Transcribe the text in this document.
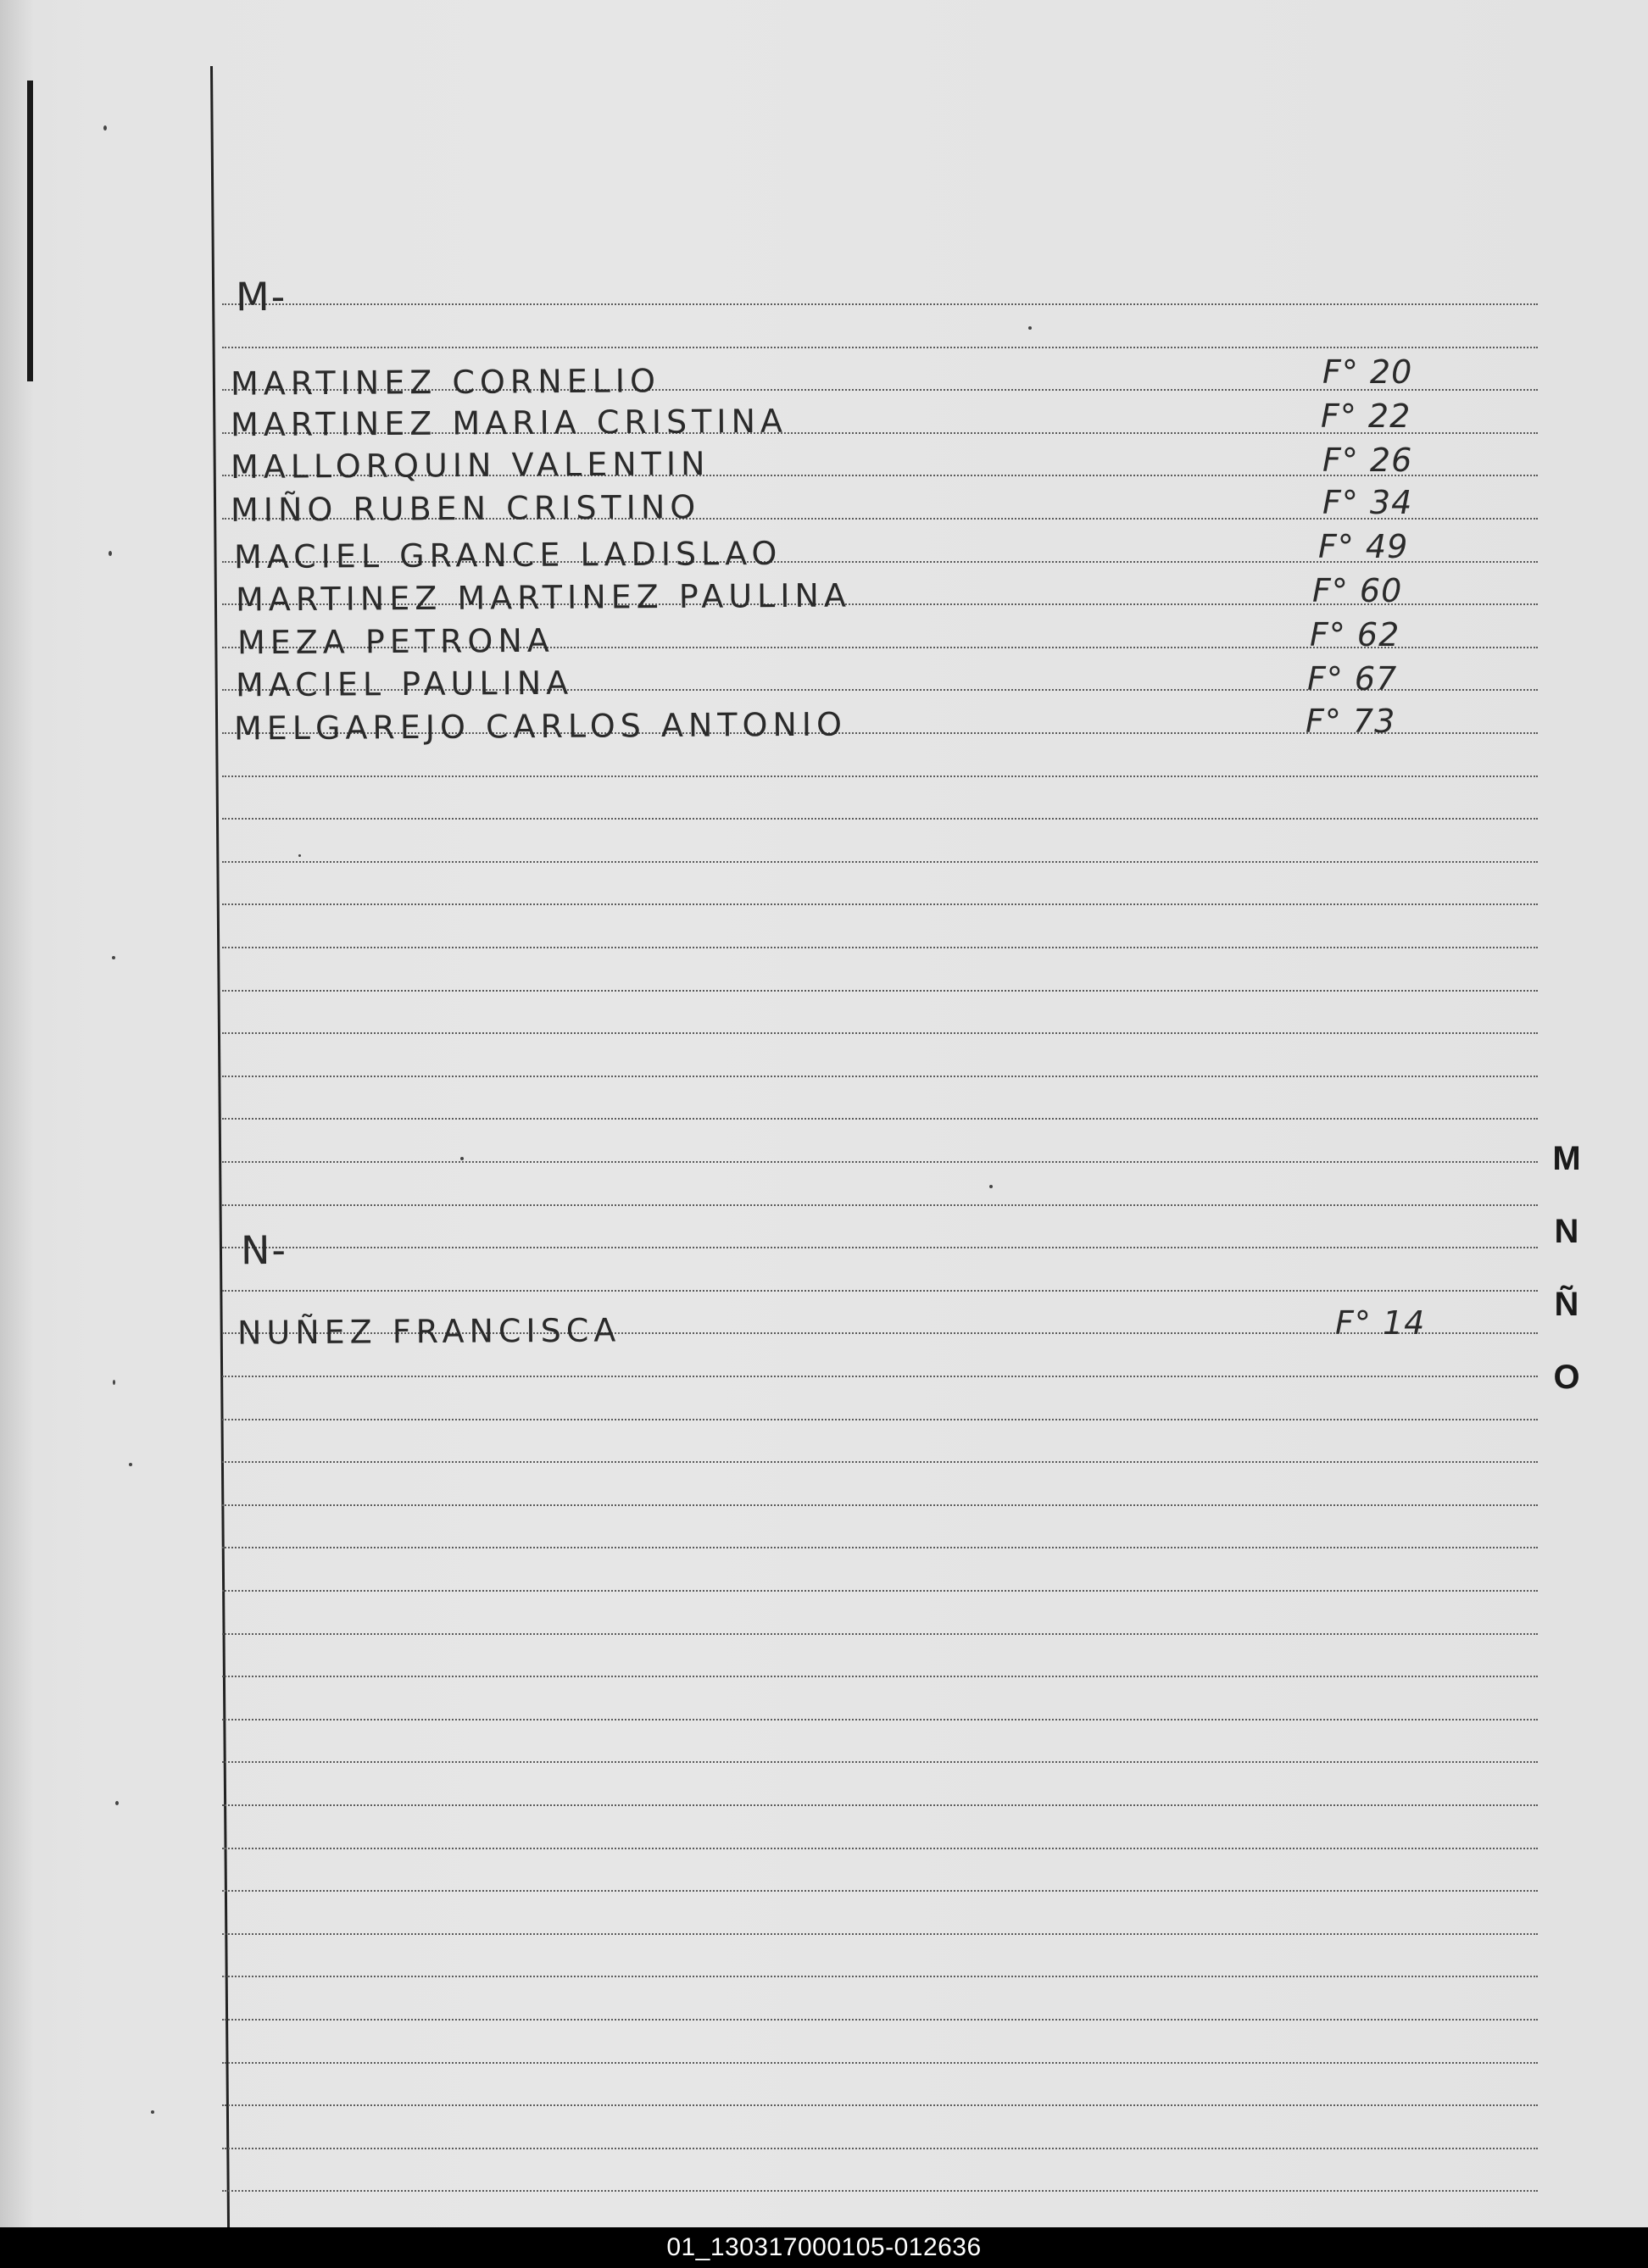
M-
MARTINEZ CORNELIO	F° 20
MARTINEZ MARIA CRISTINA	F° 22
MALLORQUIN VALENTIN	F° 26
MIÑO RUBEN CRISTINO	F° 34
MACIEL GRANCE LADISLAO	F° 49
MARTINEZ MARTINEZ PAULINA	F° 60
MEZA PETRONA	F° 62
MACIEL PAULINA	F° 67
MELGAREJO CARLOS ANTONIO	F° 73
N-
NUÑEZ FRANCISCA	F° 14
M
N
Ñ
O
01_130317000105-012636
